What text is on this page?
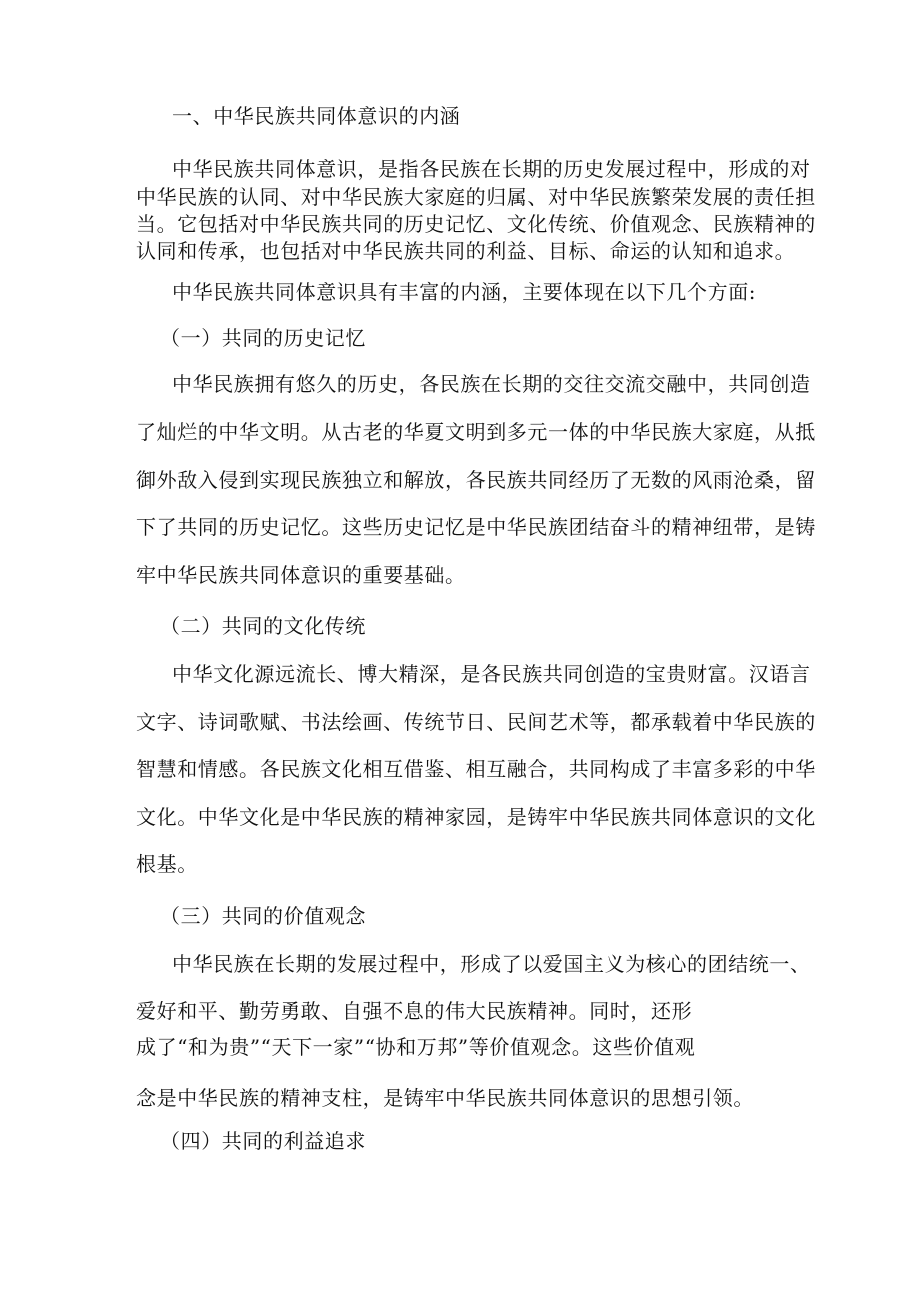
一、中华民族共同体意识的内涵
中华民族共同体意识，是指各民族在长期的历史发展过程中，形成的对
中华民族的认同、对中华民族大家庭的归属、对中华民族繁荣发展的责任担
当。它包括对中华民族共同的历史记忆、文化传统、价值观念、民族精神的
认同和传承，也包括对中华民族共同的利益、目标、命运的认知和追求。
中华民族共同体意识具有丰富的内涵，主要体现在以下几个方面:
（一）共同的历史记忆
中华民族拥有悠久的历史，各民族在长期的交往交流交融中，共同创造
了灿烂的中华文明。从古老的华夏文明到多元一体的中华民族大家庭，从抵
御外敌入侵到实现民族独立和解放，各民族共同经历了无数的风雨沧桑，留
下了共同的历史记忆。这些历史记忆是中华民族团结奋斗的精神纽带，是铸
牢中华民族共同体意识的重要基础。
（二）共同的文化传统
中华文化源远流长、博大精深，是各民族共同创造的宝贵财富。汉语言
文字、诗词歌赋、书法绘画、传统节日、民间艺术等，都承载着中华民族的
智慧和情感。各民族文化相互借鉴、相互融合，共同构成了丰富多彩的中华
文化。中华文化是中华民族的精神家园，是铸牢中华民族共同体意识的文化
根基。
（三）共同的价值观念
中华民族在长期的发展过程中，形成了以爱国主义为核心的团结统一、
爱好和平、勤劳勇敢、自强不息的伟大民族精神。同时，还形
成了“和为贵”“天下一家”“协和万邦”等价值观念。这些价值观
念是中华民族的精神支柱，是铸牢中华民族共同体意识的思想引领。
（四）共同的利益追求
